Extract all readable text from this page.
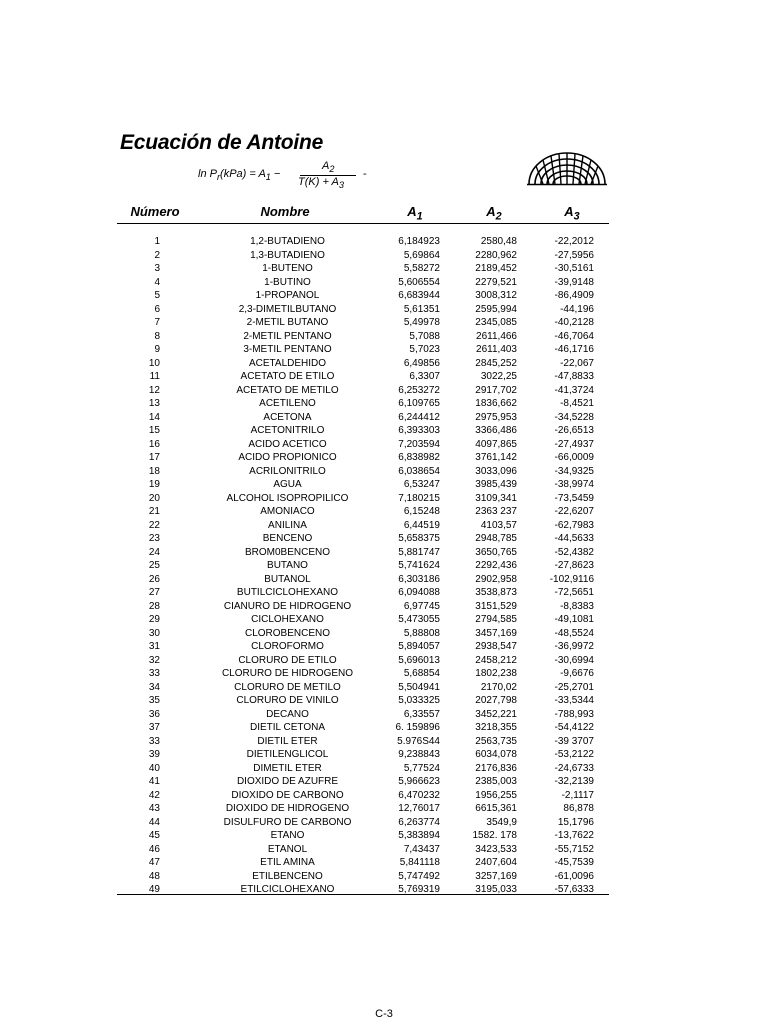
Ecuación de Antoine
$\ln P_r(kPa) = A_1$ −
$A_2$
$T(K) + A_3$
-
Número	Nombre	$A_1$	$A_2$	$A_3$
1	1,2-BUTADIENO	6,184923	2580,48	-22,2012
2	1,3-BUTADIENO	5,69864	2280,962	-27,5956
3	1-BUTENO	5,58272	2189,452	-30,5161
4	1-BUTINO	5,606554	2279,521	-39,9148
5	1-PROPANOL	6,683944	3008,312	-86,4909
6	2,3-DIMETILBUTANO	5,61351	2595,994	-44,196
7	2-METIL BUTANO	5,49978	2345,085	-40,2128
8	2-METIL PENTANO	5,7088	2611,466	-46,7064
9	3-METIL PENTANO	5,7023	2611,403	-46,1716
10	ACETALDEHIDO	6,49856	2845,252	-22,067
11	ACETATO DE ETILO	6,3307	3022,25	-47,8833
12	ACETATO DE METILO	6,253272	2917,702	-41,3724
13	ACETILENO	6,109765	1836,662	-8,4521
14	ACETONA	6,244412	2975,953	-34,5228
15	ACETONITRILO	6,393303	3366,486	-26,6513
16	ACIDO ACETICO	7,203594	4097,865	-27,4937
17	ACIDO PROPIONICO	6,838982	3761,142	-66,0009
18	ACRILONITRILO	6,038654	3033,096	-34,9325
19	AGUA	6,53247	3985,439	-38,9974
20	ALCOHOL ISOPROPILICO	7,180215	3109,341	-73,5459
21	AMONIACO	6,15248	2363 237	-22,6207
22	ANILINA	6,44519	4103,57	-62,7983
23	BENCENO	5,658375	2948,785	-44,5633
24	BROM0BENCENO	5,881747	3650,765	-52,4382
25	BUTANO	5,741624	2292,436	-27,8623
26	BUTANOL	6,303186	2902,958	-102,9116
27	BUTILCICLOHEXANO	6,094088	3538,873	-72,5651
28	CIANURO DE HIDROGENO	6,97745	3151,529	-8,8383
29	CICLOHEXANO	5,473055	2794,585	-49,1081
30	CLOROBENCENO	5,88808	3457,169	-48,5524
31	CLOROFORMO	5,894057	2938,547	-36,9972
32	CLORURO DE ETILO	5,696013	2458,212	-30,6994
33	CLORURO DE HIDROGENO	5,68854	1802,238	-9,6676
34	CLORURO DE METILO	5,504941	2170,02	-25,2701
35	CLORURO DE VINILO	5,033325	2027,798	-33,5344
36	DECANO	6,33557	3452,221	-788,993
37	DIETIL CETONA	6. 159896	3218,355	-54,4122
33	DIETIL ETER	5.976S44	2563,735	-39 3707
39	DIETILENGLICOL	9,238843	6034,078	-53,2122
40	DIMETIL ETER	5,77524	2176,836	-24,6733
41	DIOXIDO DE AZUFRE	5,966623	2385,003	-32,2139
42	DIOXIDO DE CARBONO	6,470232	1956,255	-2,1117
43	DIOXIDO DE HIDROGENO	12,76017	6615,361	86,878
44	DISULFURO DE CARBONO	6,263774	3549,9	15,1796
45	ETANO	5,383894	1582. 178	-13,7622
46	ETANOL	7,43437	3423,533	-55,7152
47	ETIL AMINA	5,841118	2407,604	-45,7539
48	ETILBENCENO	5,747492	3257,169	-61,0096
49	ETILCICLOHEXANO	5,769319	3195,033	-57,6333
C-3
